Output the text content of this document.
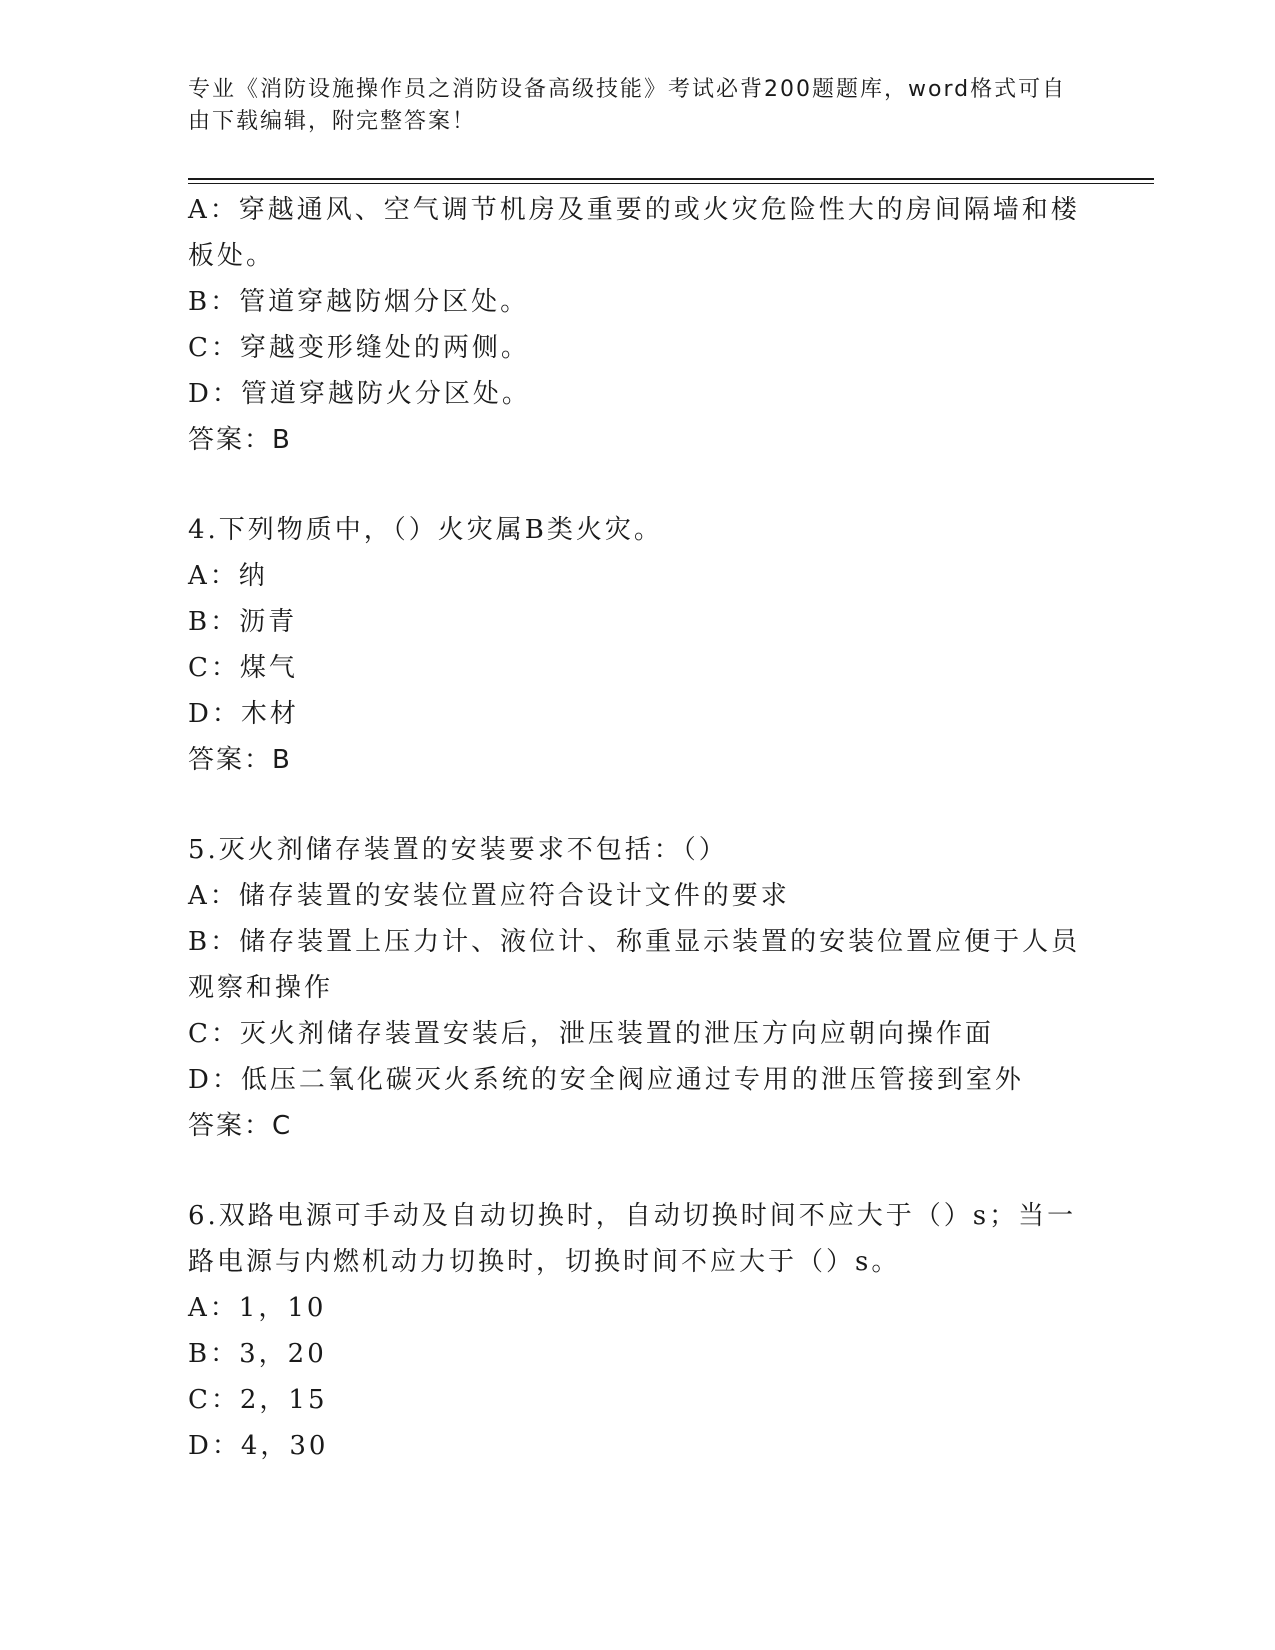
专业《消防设施操作员之消防设备高级技能》考试必背200题题库，word格式可自由下载编辑，附完整答案！
A：穿越通风、空气调节机房及重要的或火灾危险性大的房间隔墙和楼板处。
B：管道穿越防烟分区处。
C：穿越变形缝处的两侧。
D：管道穿越防火分区处。
答案：B
4.下列物质中，（）火灾属B类火灾。
A：纳
B：沥青
C：煤气
D：木材
答案：B
5.灭火剂储存装置的安装要求不包括：（）
A：储存装置的安装位置应符合设计文件的要求
B：储存装置上压力计、液位计、称重显示装置的安装位置应便于人员观察和操作
C：灭火剂储存装置安装后，泄压装置的泄压方向应朝向操作面
D：低压二氧化碳灭火系统的安全阀应通过专用的泄压管接到室外
答案：C
6.双路电源可手动及自动切换时，自动切换时间不应大于（）s；当一路电源与内燃机动力切换时，切换时间不应大于（）s。
A：1，10
B：3，20
C：2，15
D：4，30
